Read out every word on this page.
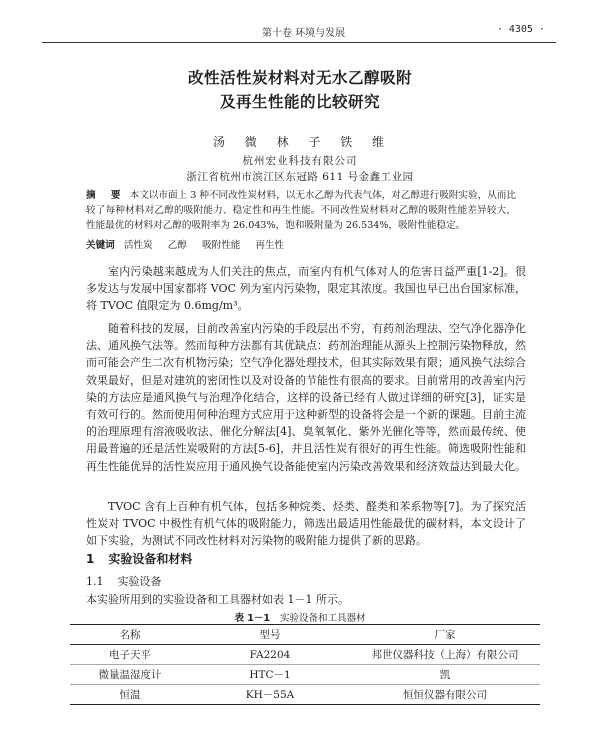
第十卷 环境与发展	· 4305 ·
改性活性炭材料对无水乙醇吸附
及再生性能的比较研究
汤 微 林 子 铁 维
杭州宏业科技有限公司
浙江省杭州市滨江区东冠路 611 号金鑫工业园
摘 要 本文以市面上 3 种不同改性炭材料，以无水乙醇为代表气体，对乙醇进行吸附实验，从而比较了每种材料对乙醇的吸附能力、稳定性和再生性能。不同改性炭材料对乙醇的吸附性能差异较大，性能最优的材料对乙醇的吸附率为 26.043%，饱和吸附量为 26.534%，吸附性能稳定。
关键词 活性炭 乙醇 吸附性能 再生性

室内污染越来越成为人们关注的焦点，而室内有机气体对人的危害日益严重[1-2]。很多发达与发展中国家都将 VOC 列为室内污染物，限定其浓度。我国也早已出台国家标准，将 TVOC 值限定为 0.6mg/m³。

随着科技的发展，目前改善室内污染的手段层出不穷，有药剂治理法、空气净化器净化法、通风换气法等。然而每种方法都有其优缺点：药剂治理能从源头上控制污染物释放，然而可能会产生二次有机物污染；空气净化器处理技术，但其实际效果有限；通风换气法综合效果最好，但是对建筑的密闭性以及对设备的节能性有很高的要求。目前常用的改善室内污染的方法应是通风换气与治理净化结合，这样的设备已经有人做过详细的研究[3]，证实是有效可行的。然而使用何种治理方式应用于这种新型的设备将会是一个新的课题。目前主流的治理原理有溶液吸收法、催化分解法[4]、臭氧氧化、紫外光催化等等，然而最传统、使用最普遍的还是活性炭吸附的方法[5-6]，并且活性炭有很好的再生性能。筛选吸附性能和再生性能优异的活性炭应用于通风换气设备能使室内污染改善效果和经济效益达到最大化。

TVOC 含有上百种有机气体，包括多种烷类、烃类、醛类和苯系物等[7]。为了探究活性炭对 TVOC 中极性有机气体的吸附能力，筛选出最适用性能最优的碳材料，本文设计了如下实验，为测试不同改性材料对污染物的吸附能力提供了新的思路。

1 实验设备和材料
1.1 实验设备
本实验所用到的实验设备和工具器材如表 1－1 所示。
表 1－1 实验设备和工具器材
名称	型号	厂家
电子天平	FA2204	邦世仪器科技（上海）有限公司
微量温湿度计	HTC－1	凯
恒温	KH－55A	恒恒仪器有限公司
